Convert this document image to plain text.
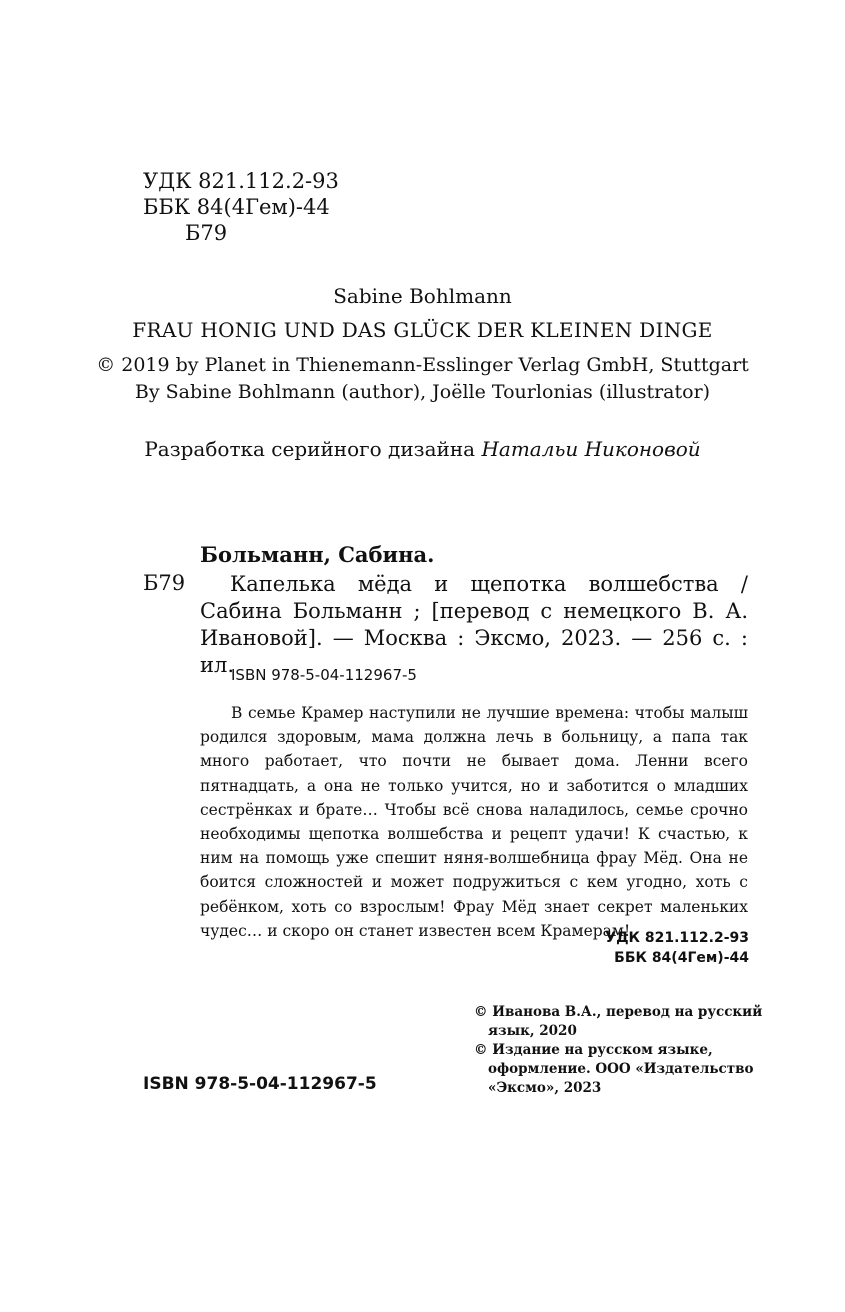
УДК 821.112.2-93
ББК 84(4Гем)-44
Б79
Sabine Bohlmann
FRAU HONIG UND DAS GLÜCK DER KLEINEN DINGE
© 2019 by Planet in Thienemann-Esslinger Verlag GmbH, Stuttgart
By Sabine Bohlmann (author), Joëlle Tourlonias (illustrator)
Разработка серийного дизайна Натальи Никоновой
Больманн, Сабина.
Б79	Капелька мёда и щепотка волшебства / Сабина Больманн ; [перевод с немецкого В. А. Ивановой]. — Москва : Эксмо, 2023. — 256 с. : ил.
ISBN 978-5-04-112967-5
В семье Крамер наступили не лучшие времена: чтобы малыш родился здоровым, мама должна лечь в больницу, а папа так много работает, что почти не бывает дома. Ленни всего пятнадцать, а она не только учится, но и заботится о младших сестрёнках и брате… Чтобы всё снова наладилось, семье срочно необходимы щепотка волшебства и рецепт удачи! К счастью, к ним на помощь уже спешит няня-волшебница фрау Мёд. Она не боится сложностей и может подружиться с кем угодно, хоть с ребёнком, хоть со взрослым! Фрау Мёд знает секрет маленьких чудес… и скоро он станет известен всем Крамерам!
УДК 821.112.2-93
ББК 84(4Гем)-44
ISBN 978-5-04-112967-5
© Иванова В.А., перевод на русский язык, 2020
© Издание на русском языке, оформление. ООО «Издательство «Эксмо», 2023
